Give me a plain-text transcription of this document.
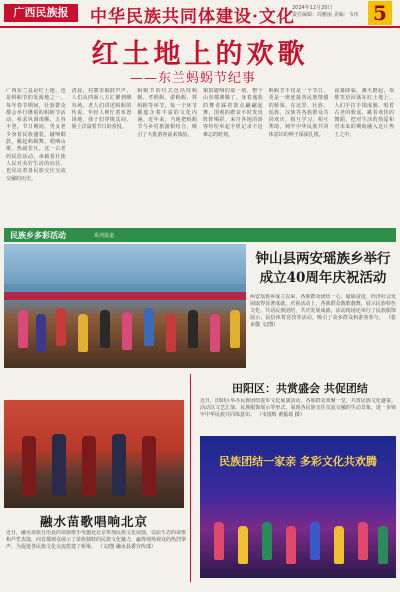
广西民族报	中华民族共同体建设·文化
2024年12月20日
责任编辑：周雅丽 美编：韦伟 5
红土地上的欢歌
——东兰蚂𧊅节纪事
广西东兰县是红土地，也是蚂𧊅节的发源地之一。每年春节期间，壮族群众都会举行隆重的蚂𧊅节活动，祈求风调雨顺、五谷丰登。节日期间，男女老少身着民族盛装，敲响铜鼓，跳起蚂𧊅舞，唱响山歌，热闹非凡。这一古老的民俗活动，承载着壮族人民对美好生活的向往，也见证着各民族交往交流交融的历史。
清晨，村寨里铜鼓声声，人们从四面八方汇聚到晒谷场。老人们讲述蚂𧊅的传说，年轻人则忙着布置场地。孩子们穿梭其间，脸上洋溢着节日的喜悦。
蚂𧊅节的仪式包括找蚂𧊅、孝蚂𧊅、游蚂𧊅、葬蚂𧊅等环节，每一个环节都蕴含着丰富的文化内涵。近年来，当地把蚂𧊅节与乡村旅游相结合，吸引了大批游客前来体验。
铜鼓敲响的那一刻，整个山谷都沸腾了。身着盛装的舞者踩着鼓点翩翩起舞，围观的群众不时发出阵阵喝彩。来自各地的游客纷纷举起手机记录下这难忘的时刻。
蚂𧊅节不仅是一个节日，更是一座连接各民族情感的桥梁。在这里，壮族、瑶族、汉族等各族群众共同欢庆，相互学习，相互帮助，铸牢中华民族共同体意识的种子深深扎根。
夜幕降临，篝火燃起，欢歌笑语回荡在红土地上。人们手拉手围成圈，唱着古老的歌谣，跳着欢快的舞蹈，把对生活的热爱和对未来的期盼融入这片热土之中。
民族乡多彩活动	系列报道
钟山县两安瑶族乡举行成立40周年庆祝活动
两安瑶族乡成立以来，各族群众团结一心、砥砺奋进，经济社会发展取得显著成就。庆祝活动上，各族群众载歌载舞，展示民族特色文化，共话民族团结，共庆发展成就。活动现场还举行了民族服饰展示、民俗体育竞技等活动，吸引了众多群众和游客参与。 （张贞敬 文/图）
融水苗歌唱响北京
近日，融水苗族自治县的苗族歌手受邀赴北京参加民族文化展演，以原生态的苗歌和芦笙表演，向首都观众展示了苗族独特的民族文化魅力，赢得现场观众的热烈掌声，为促进各民族文化交流搭建了桥梁。 （文/图 融水县委宣传部）
田阳区：共赏盛会 共促团结
近日，田阳区举办民族团结进步文化展演活动，各族群众欢聚一堂，共赏民族文化盛宴。活动以文艺汇演、民族服饰展示等形式，展现各民族交往交流交融的生动景象，进一步铸牢中华民族共同体意识。 （韦国辉 黄振瑶 摄）
民族团结一家亲 多彩文化共欢腾
